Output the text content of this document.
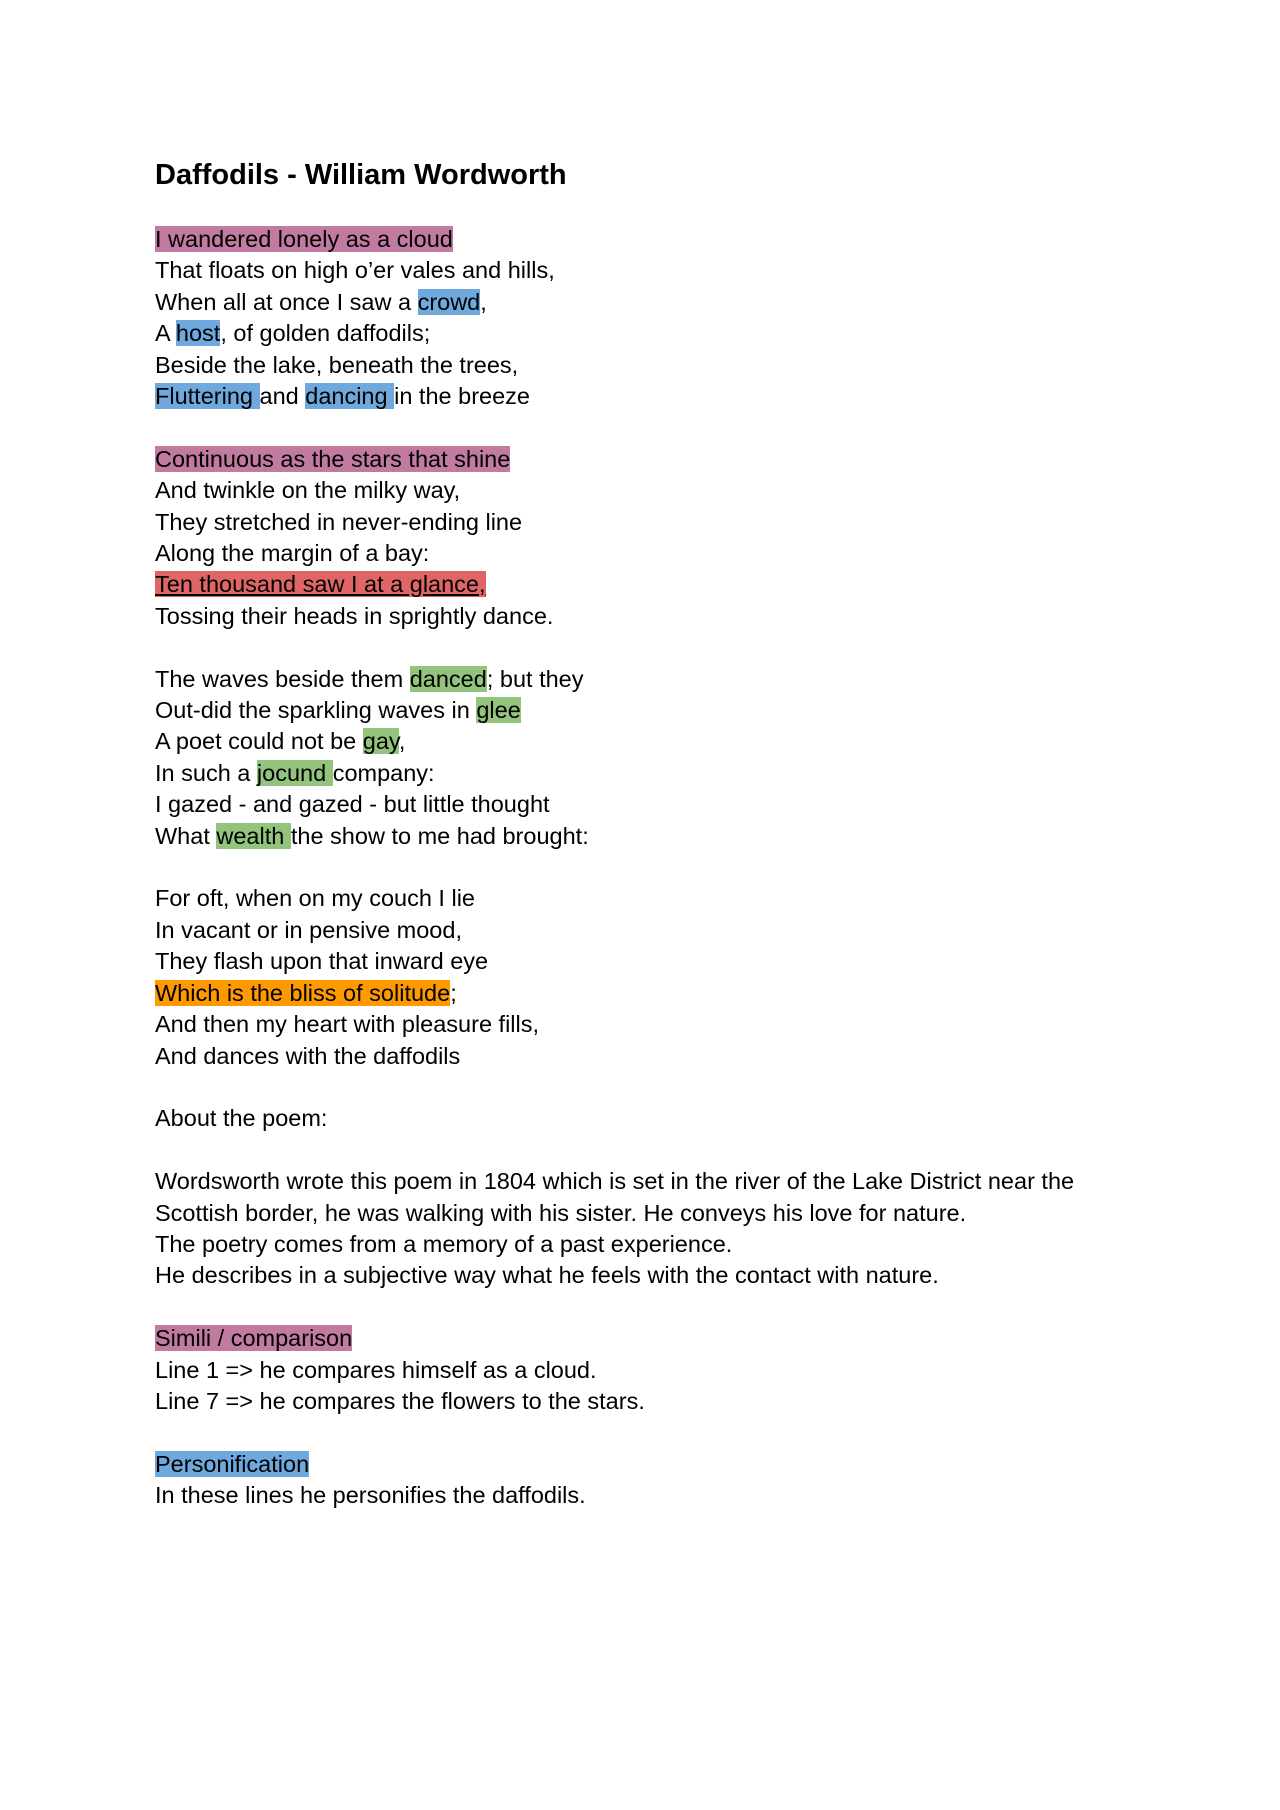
Daffodils - William Wordworth
I wandered lonely as a cloud
That floats on high o’er vales and hills,
When all at once I saw a crowd,
A host, of golden daffodils;
Beside the lake, beneath the trees,
Fluttering and dancing in the breeze
Continuous as the stars that shine
And twinkle on the milky way,
They stretched in never-ending line
Along the margin of a bay:
Ten thousand saw I at a glance,
Tossing their heads in sprightly dance.
The waves beside them danced; but they
Out-did the sparkling waves in glee
A poet could not be gay,
In such a jocund company:
I gazed - and gazed - but little thought
What wealth the show to me had brought:
For oft, when on my couch I lie
In vacant or in pensive mood,
They flash upon that inward eye
Which is the bliss of solitude;
And then my heart with pleasure fills,
And dances with the daffodils
About the poem:
Wordsworth wrote this poem in 1804 which is set in the river of the Lake District near the
Scottish border, he was walking with his sister. He conveys his love for nature.
The poetry comes from a memory of a past experience.
He describes in a subjective way what he feels with the contact with nature.
Simili / comparison
Line 1 => he compares himself as a cloud.
Line 7 => he compares the flowers to the stars.
Personification
In these lines he personifies the daffodils.
